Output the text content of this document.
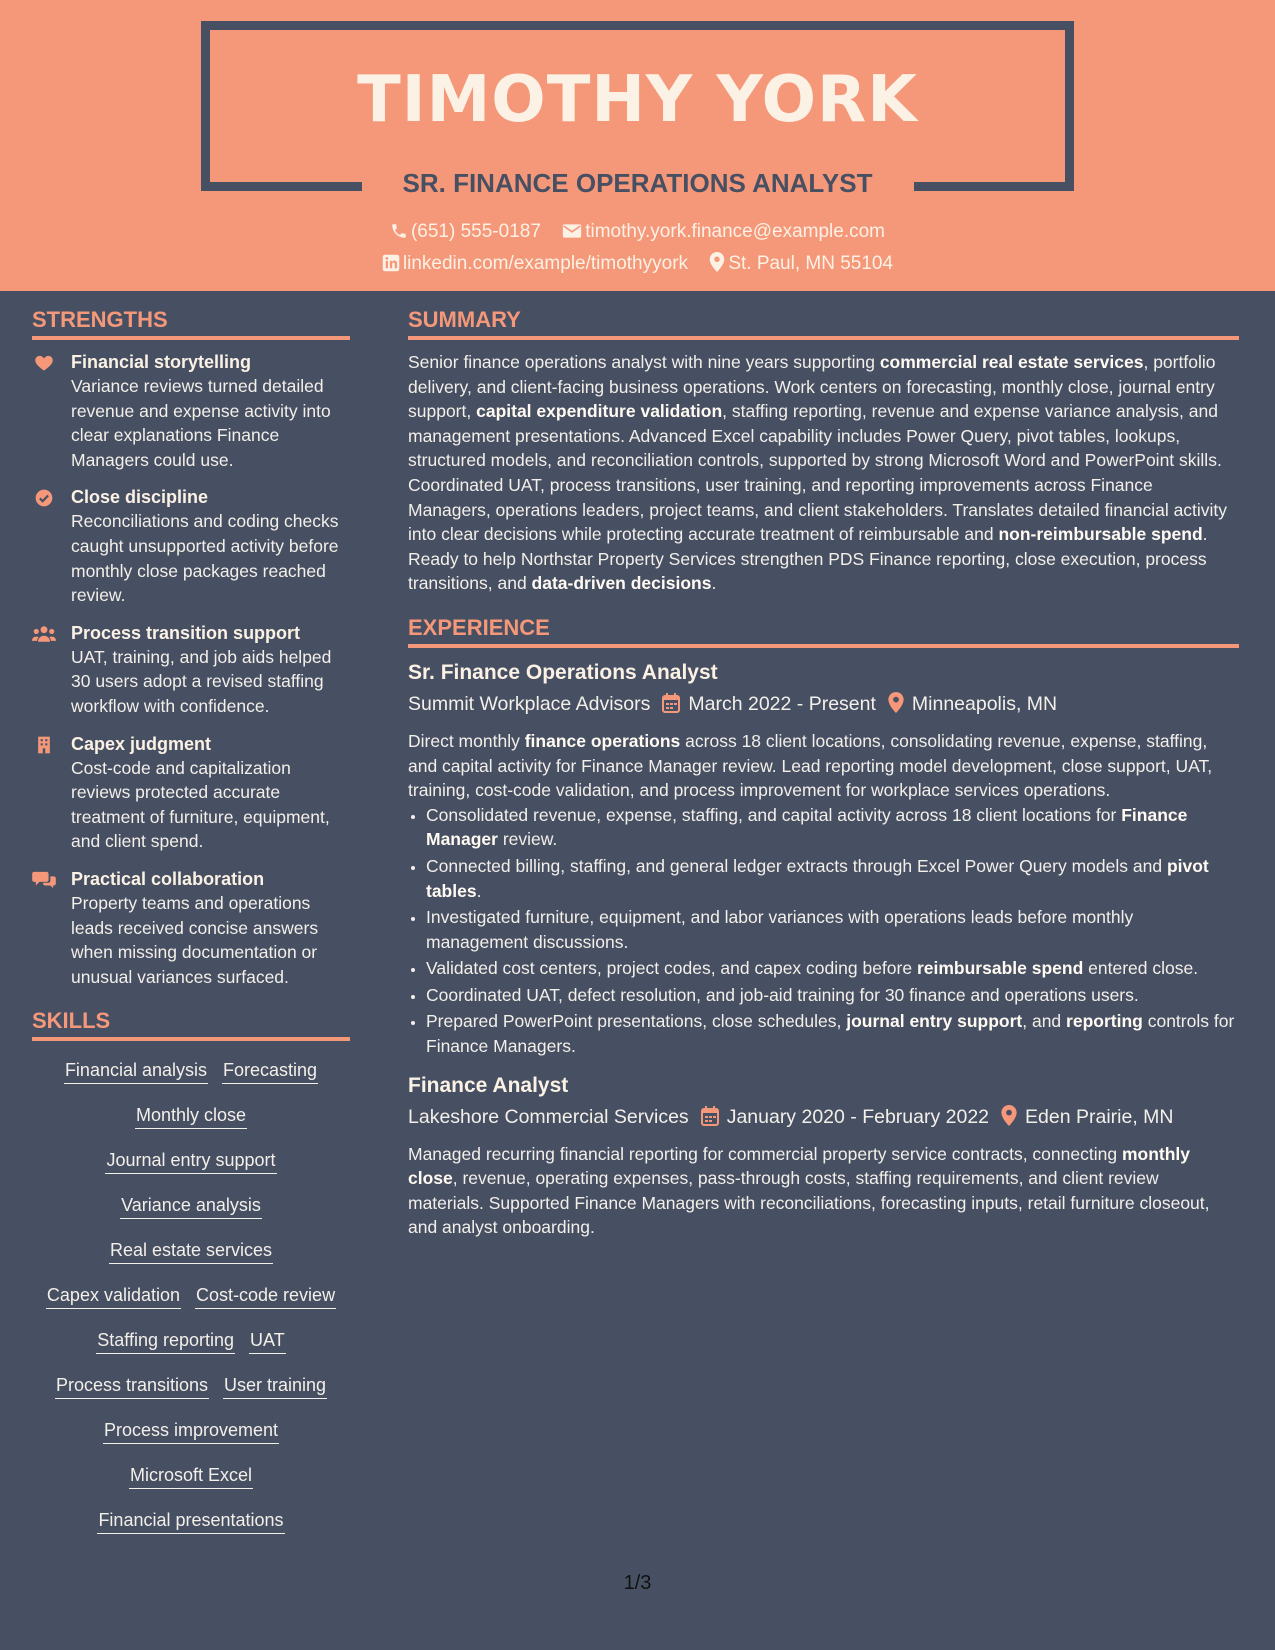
TIMOTHY YORK
SR. FINANCE OPERATIONS ANALYST
(651) 555-0187 timothy.york.finance@example.com
linkedin.com/example/timothyyork St. Paul, MN 55104
STRENGTHS
Financial storytelling
Variance reviews turned detailed revenue and expense activity into clear explanations Finance Managers could use.
Close discipline
Reconciliations and coding checks caught unsupported activity before monthly close packages reached review.
Process transition support
UAT, training, and job aids helped 30 users adopt a revised staffing workflow with confidence.
Capex judgment
Cost-code and capitalization reviews protected accurate treatment of furniture, equipment, and client spend.
Practical collaboration
Property teams and operations leads received concise answers when missing documentation or unusual variances surfaced.
SKILLS
Financial analysis Forecasting
Monthly close
Journal entry support
Variance analysis
Real estate services
Capex validation Cost-code review
Staffing reporting UAT
Process transitions User training
Process improvement
Microsoft Excel
Financial presentations
SUMMARY
Senior finance operations analyst with nine years supporting commercial real estate services, portfolio delivery, and client-facing business operations. Work centers on forecasting, monthly close, journal entry support, capital expenditure validation, staffing reporting, revenue and expense variance analysis, and management presentations. Advanced Excel capability includes Power Query, pivot tables, lookups, structured models, and reconciliation controls, supported by strong Microsoft Word and PowerPoint skills. Coordinated UAT, process transitions, user training, and reporting improvements across Finance Managers, operations leaders, project teams, and client stakeholders. Translates detailed financial activity into clear decisions while protecting accurate treatment of reimbursable and non-reimbursable spend. Ready to help Northstar Property Services strengthen PDS Finance reporting, close execution, process transitions, and data-driven decisions.
EXPERIENCE
Sr. Finance Operations Analyst
Summit Workplace Advisors March 2022 - Present Minneapolis, MN
Direct monthly finance operations across 18 client locations, consolidating revenue, expense, staffing, and capital activity for Finance Manager review. Lead reporting model development, close support, UAT, training, cost-code validation, and process improvement for workplace services operations.
• Consolidated revenue, expense, staffing, and capital activity across 18 client locations for Finance Manager review.
• Connected billing, staffing, and general ledger extracts through Excel Power Query models and pivot tables.
• Investigated furniture, equipment, and labor variances with operations leads before monthly management discussions.
• Validated cost centers, project codes, and capex coding before reimbursable spend entered close.
• Coordinated UAT, defect resolution, and job-aid training for 30 finance and operations users.
• Prepared PowerPoint presentations, close schedules, journal entry support, and reporting controls for Finance Managers.
Finance Analyst
Lakeshore Commercial Services January 2020 - February 2022 Eden Prairie, MN
Managed recurring financial reporting for commercial property service contracts, connecting monthly close, revenue, operating expenses, pass-through costs, staffing requirements, and client review materials. Supported Finance Managers with reconciliations, forecasting inputs, retail furniture closeout, and analyst onboarding.
1/3
